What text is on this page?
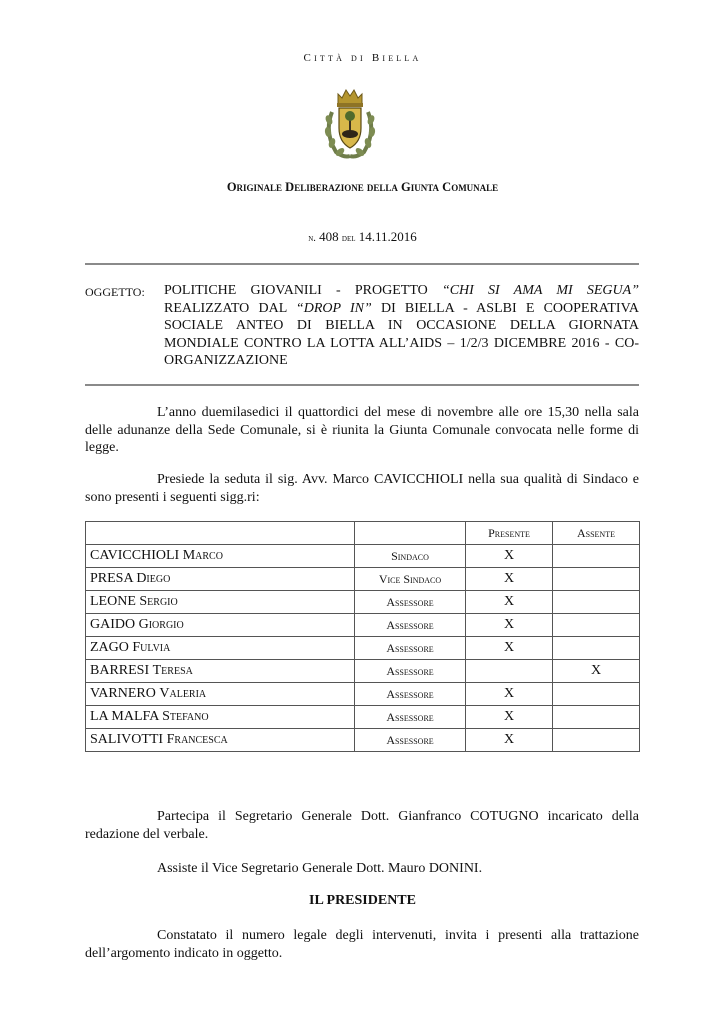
Città di Biella
Originale Deliberazione della Giunta Comunale
n. 408 del 14.11.2016
OGGETTO: POLITICHE GIOVANILI - PROGETTO “CHI SI AMA MI SEGUA” REALIZZATO DAL “DROP IN” DI BIELLA - ASLBI E COOPERATIVA SOCIALE ANTEO DI BIELLA IN OCCASIONE DELLA GIORNATA MONDIALE CONTRO LA LOTTA ALL’AIDS – 1/2/3 DICEMBRE 2016 - CO-ORGANIZZAZIONE
L’anno duemilasedici il quattordici del mese di novembre alle ore 15,30 nella sala delle adunanze della Sede Comunale, si è riunita la Giunta Comunale convocata nelle forme di legge.
Presiede la seduta il sig. Avv. Marco CAVICCHIOLI nella sua qualità di Sindaco e sono presenti i seguenti sigg.ri:
		Presente	Assente
CAVICCHIOLI Marco	Sindaco	X	
PRESA Diego	Vice Sindaco	X	
LEONE Sergio	Assessore	X	
GAIDO Giorgio	Assessore	X	
ZAGO Fulvia	Assessore	X	
BARRESI Teresa	Assessore		X
VARNERO Valeria	Assessore	X	
LA MALFA Stefano	Assessore	X	
SALIVOTTI Francesca	Assessore	X	
Partecipa il Segretario Generale Dott. Gianfranco COTUGNO incaricato della redazione del verbale.
Assiste il Vice Segretario Generale Dott. Mauro DONINI.
IL PRESIDENTE
Constatato il numero legale degli intervenuti, invita i presenti alla trattazione dell’argomento indicato in oggetto.
